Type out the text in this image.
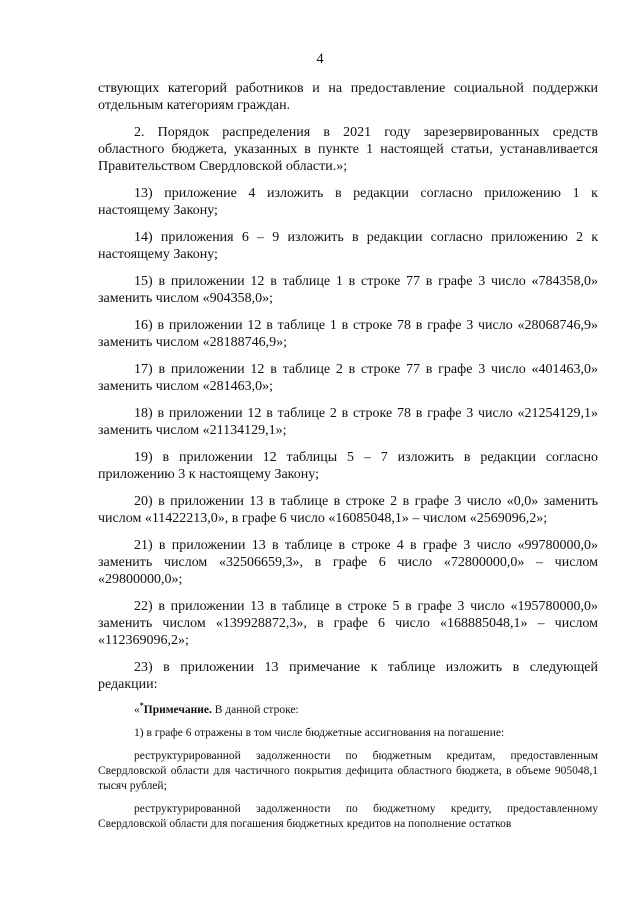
4

ствующих категорий работников и на предоставление социальной поддержки отдельным категориям граждан.

2. Порядок распределения в 2021 году зарезервированных средств областного бюджета, указанных в пункте 1 настоящей статьи, устанавливается Правительством Свердловской области.»;

13) приложение 4 изложить в редакции согласно приложению 1 к настоящему Закону;

14) приложения 6 – 9 изложить в редакции согласно приложению 2 к настоящему Закону;

15) в приложении 12 в таблице 1 в строке 77 в графе 3 число «784358,0» заменить числом «904358,0»;

16) в приложении 12 в таблице 1 в строке 78 в графе 3 число «28068746,9» заменить числом «28188746,9»;

17) в приложении 12 в таблице 2 в строке 77 в графе 3 число «401463,0» заменить числом «281463,0»;

18) в приложении 12 в таблице 2 в строке 78 в графе 3 число «21254129,1» заменить числом «21134129,1»;

19) в приложении 12 таблицы 5 – 7 изложить в редакции согласно приложению 3 к настоящему Закону;

20) в приложении 13 в таблице в строке 2 в графе 3 число «0,0» заменить числом «11422213,0», в графе 6 число «16085048,1» – числом «2569096,2»;

21) в приложении 13 в таблице в строке 4 в графе 3 число «99780000,0» заменить числом «32506659,3», в графе 6 число «72800000,0» – числом «29800000,0»;

22) в приложении 13 в таблице в строке 5 в графе 3 число «195780000,0» заменить числом «139928872,3», в графе 6 число «168885048,1» – числом «112369096,2»;

23) в приложении 13 примечание к таблице изложить в следующей редакции:

«*Примечание. В данной строке:

1) в графе 6 отражены в том числе бюджетные ассигнования на погашение:

реструктурированной задолженности по бюджетным кредитам, предоставленным Свердловской области для частичного покрытия дефицита областного бюджета, в объеме 905048,1 тысяч рублей;

реструктурированной задолженности по бюджетному кредиту, предоставленному Свердловской области для погашения бюджетных кредитов на пополнение остатков
